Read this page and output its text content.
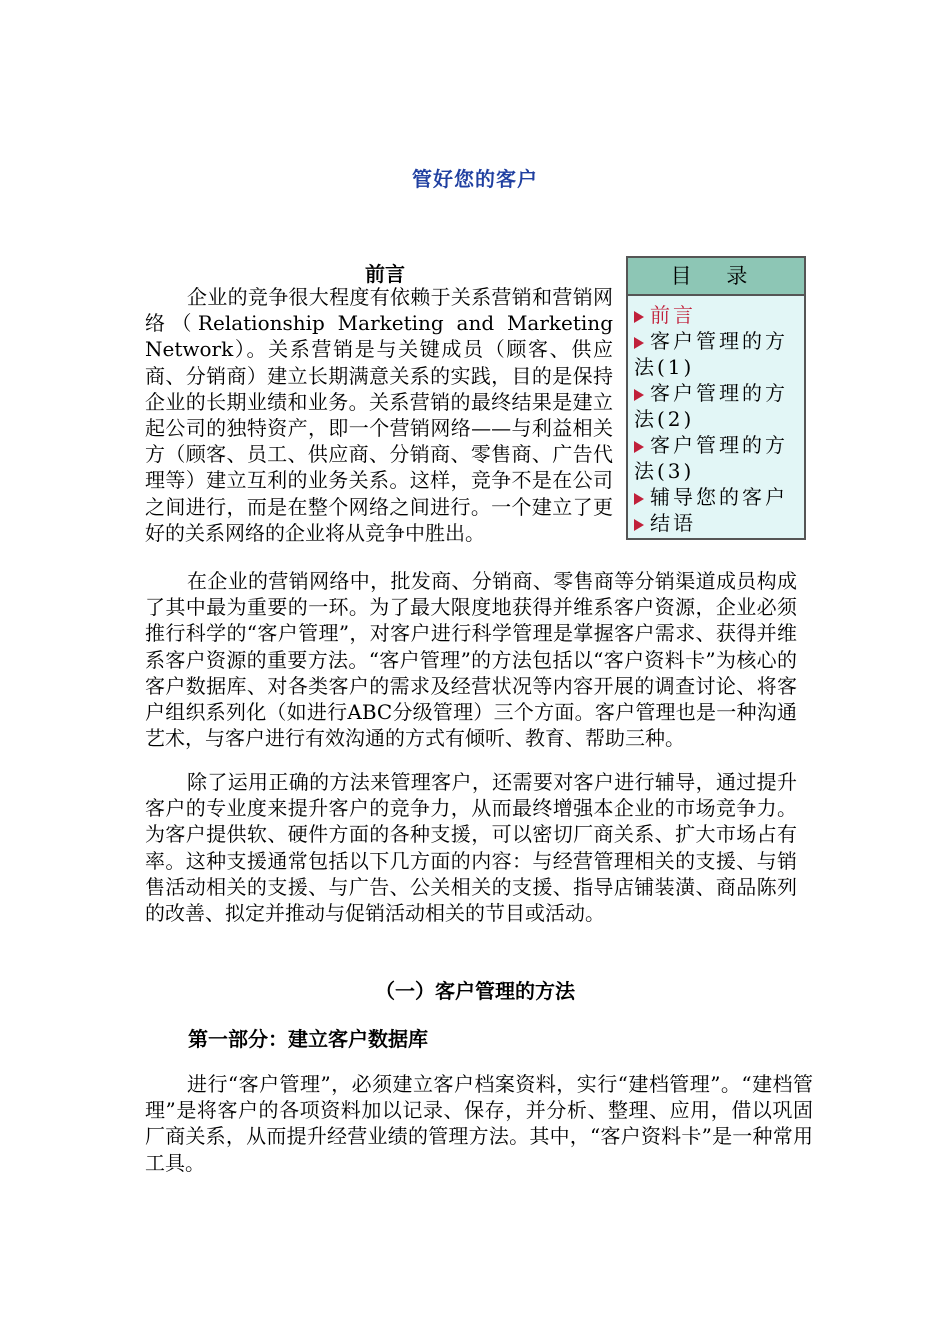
管好您的客户
前言

企业的竞争很大程度有依赖于关系营销和营销网络（Relationship Marketing and Marketing Network）。关系营销是与关键成员（顾客、供应商、分销商）建立长期满意关系的实践，目的是保持企业的长期业绩和业务。关系营销的最终结果是建立起公司的独特资产，即一个营销网络——与利益相关方（顾客、员工、供应商、分销商、零售商、广告代理等）建立互利的业务关系。这样，竞争不是在公司之间进行，而是在整个网络之间进行。一个建立了更好的关系网络的企业将从竞争中胜出。

在企业的营销网络中，批发商、分销商、零售商等分销渠道成员构成了其中最为重要的一环。为了最大限度地获得并维系客户资源，企业必须推行科学的“客户管理”，对客户进行科学管理是掌握客户需求、获得并维系客户资源的重要方法。“客户管理”的方法包括以“客户资料卡”为核心的客户数据库、对各类客户的需求及经营状况等内容开展的调查讨论、将客户组织系列化（如进行ABC分级管理）三个方面。客户管理也是一种沟通艺术，与客户进行有效沟通的方式有倾听、教育、帮助三种。

除了运用正确的方法来管理客户，还需要对客户进行辅导，通过提升客户的专业度来提升客户的竞争力，从而最终增强本企业的市场竞争力。为客户提供软、硬件方面的各种支援，可以密切厂商关系、扩大市场占有率。这种支援通常包括以下几方面的内容：与经营管理相关的支援、与销售活动相关的支援、与广告、公关相关的支援、指导店铺装潢、商品陈列的改善、拟定并推动与促销活动相关的节目或活动。

（一）客户管理的方法
第一部分：建立客户数据库

进行“客户管理”，必须建立客户档案资料，实行“建档管理”。“建档管理”是将客户的各项资料加以记录、保存，并分析、整理、应用，借以巩固厂商关系，从而提升经营业绩的管理方法。其中，“客户资料卡”是一种常用工具。

目 录
前言
客户管理的方法(1)
客户管理的方法(2)
客户管理的方法(3)
辅导您的客户
结语
